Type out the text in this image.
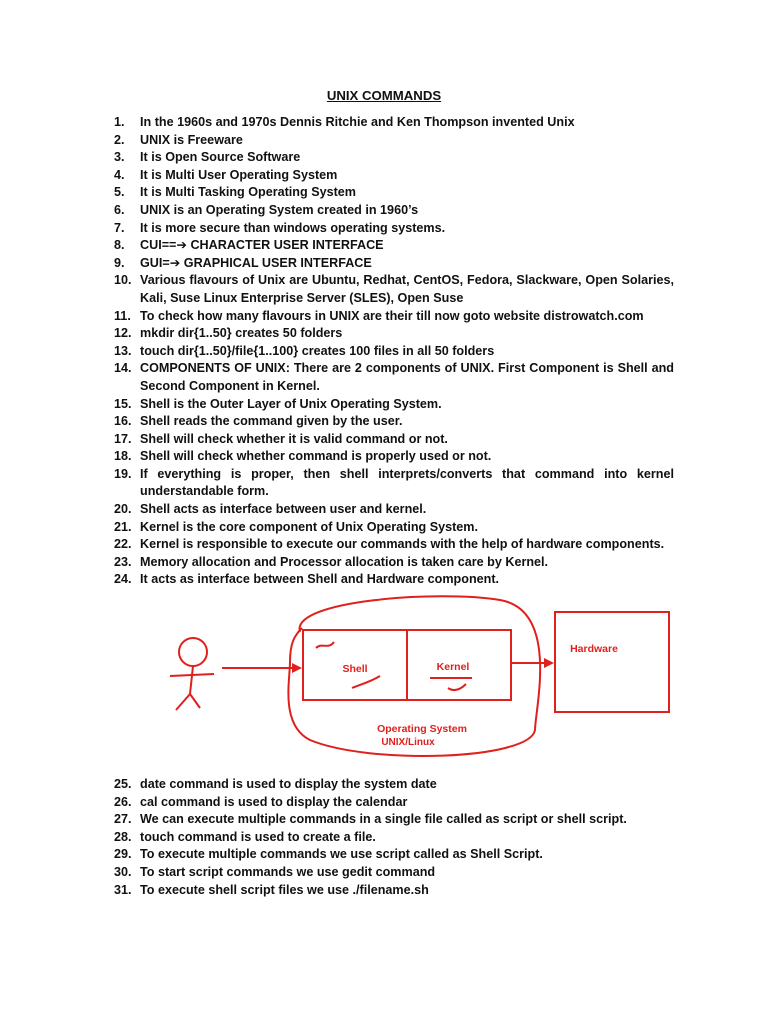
UNIX COMMANDS
1. In the 1960s and 1970s Dennis Ritchie and Ken Thompson invented Unix
2. UNIX is Freeware
3. It is Open Source Software
4. It is Multi User Operating System
5. It is Multi Tasking Operating System
6. UNIX is an Operating System created in 1960’s
7. It is more secure than windows operating systems.
8. CUI==➔ CHARACTER USER INTERFACE
9. GUI=➔ GRAPHICAL USER INTERFACE
10. Various flavours of Unix are Ubuntu, Redhat, CentOS, Fedora, Slackware, Open Solaries, Kali, Suse Linux Enterprise Server (SLES), Open Suse
11. To check how many flavours in UNIX are their till now goto website distrowatch.com
12. mkdir dir{1..50} creates 50 folders
13. touch dir{1..50}/file{1..100} creates 100 files in all 50 folders
14. COMPONENTS OF UNIX: There are 2 components of UNIX. First Component is Shell and Second Component in Kernel.
15. Shell is the Outer Layer of Unix Operating System.
16. Shell reads the command given by the user.
17. Shell will check whether it is valid command or not.
18. Shell will check whether command is properly used or not.
19. If everything is proper, then shell interprets/converts that command into kernel understandable form.
20. Shell acts as interface between user and kernel.
21. Kernel is the core component of Unix Operating System.
22. Kernel is responsible to execute our commands with the help of hardware components.
23. Memory allocation and Processor allocation is taken care by Kernel.
24. It acts as interface between Shell and Hardware component.
Shell	Kernel
Hardware
Operating System
UNIX/Linux
25. date command is used to display the system date
26. cal command is used to display the calendar
27. We can execute multiple commands in a single file called as script or shell script.
28. touch command is used to create a file.
29. To execute multiple commands we use script called as Shell Script.
30. To start script commands we use gedit command
31. To execute shell script files we use ./filename.sh
